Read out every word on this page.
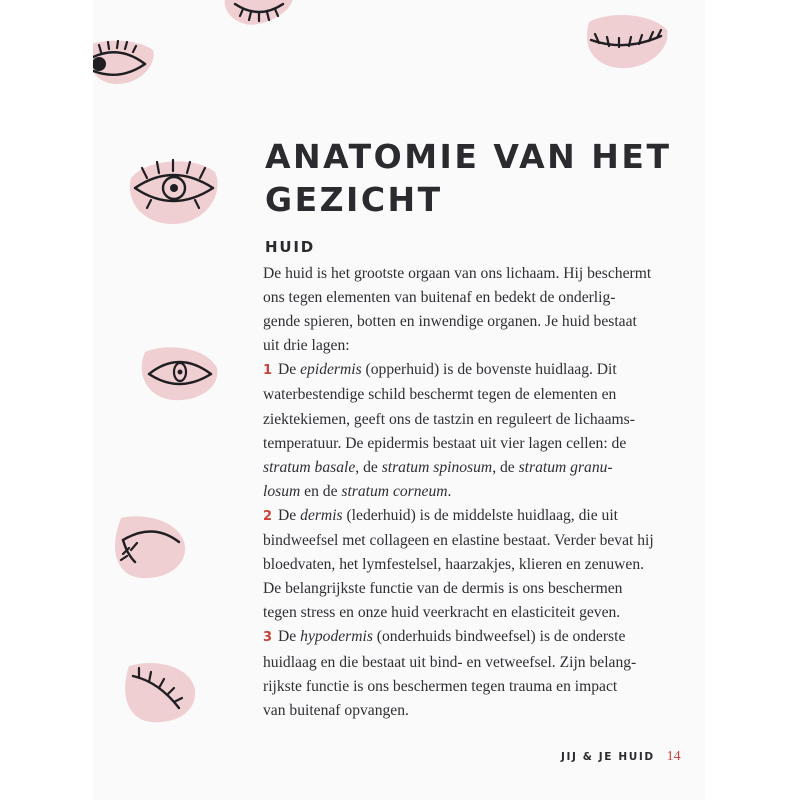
ANATOMIE VAN HET
GEZICHT
HUID
De huid is het grootste orgaan van ons lichaam. Hij beschermt
ons tegen elementen van buitenaf en bedekt de onderlig-
gende spieren, botten en inwendige organen. Je huid bestaat
uit drie lagen:
1 De epidermis (opperhuid) is de bovenste huidlaag. Dit
waterbestendige schild beschermt tegen de elementen en
ziektekiemen, geeft ons de tastzin en reguleert de lichaams-
temperatuur. De epidermis bestaat uit vier lagen cellen: de
stratum basale, de stratum spinosum, de stratum granu-
losum en de stratum corneum.
2 De dermis (lederhuid) is de middelste huidlaag, die uit
bindweefsel met collageen en elastine bestaat. Verder bevat hij
bloedvaten, het lymfestelsel, haarzakjes, klieren en zenuwen.
De belangrijkste functie van de dermis is ons beschermen
tegen stress en onze huid veerkracht en elasticiteit geven.
3 De hypodermis (onderhuids bindweefsel) is de onderste
huidlaag en die bestaat uit bind- en vetweefsel. Zijn belang-
rijkste functie is ons beschermen tegen trauma en impact
van buitenaf opvangen.
JIJ & JE HUID 14
